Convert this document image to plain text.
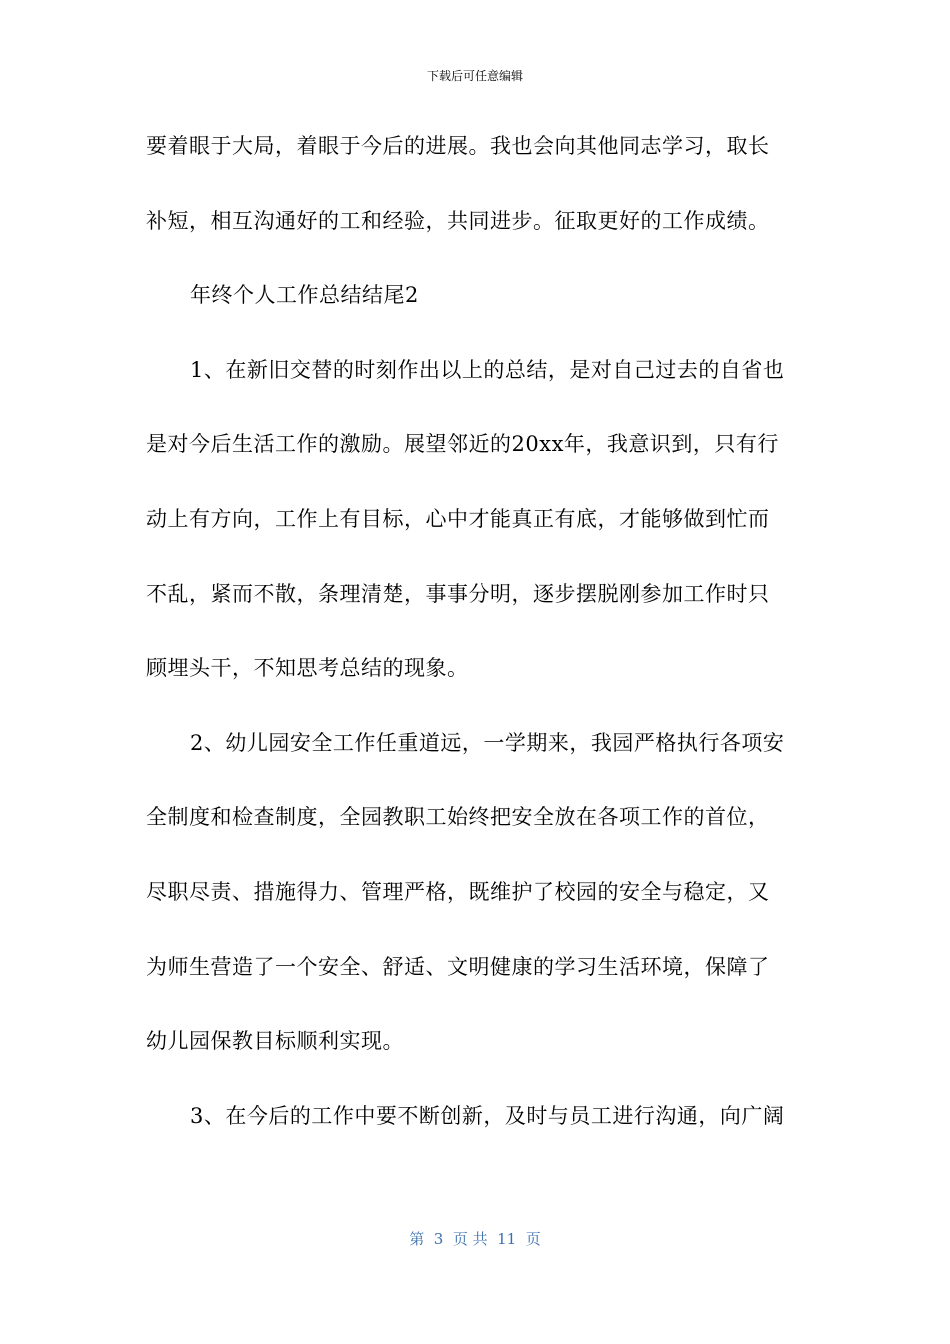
下载后可任意编辑
要着眼于大局，着眼于今后的进展。我也会向其他同志学习，取长
补短，相互沟通好的工和经验，共同进步。征取更好的工作成绩。
年终个人工作总结结尾2
1、在新旧交替的时刻作出以上的总结，是对自己过去的自省也
是对今后生活工作的激励。展望邻近的20xx年，我意识到，只有行
动上有方向，工作上有目标，心中才能真正有底，才能够做到忙而
不乱，紧而不散，条理清楚，事事分明，逐步摆脱刚参加工作时只
顾埋头干，不知思考总结的现象。
2、幼儿园安全工作任重道远，一学期来，我园严格执行各项安
全制度和检查制度，全园教职工始终把安全放在各项工作的首位，
尽职尽责、措施得力、管理严格，既维护了校园的安全与稳定，又
为师生营造了一个安全、舒适、文明健康的学习生活环境，保障了
幼儿园保教目标顺利实现。
3、在今后的工作中要不断创新，及时与员工进行沟通，向广阔
第  3  页 共  11  页
